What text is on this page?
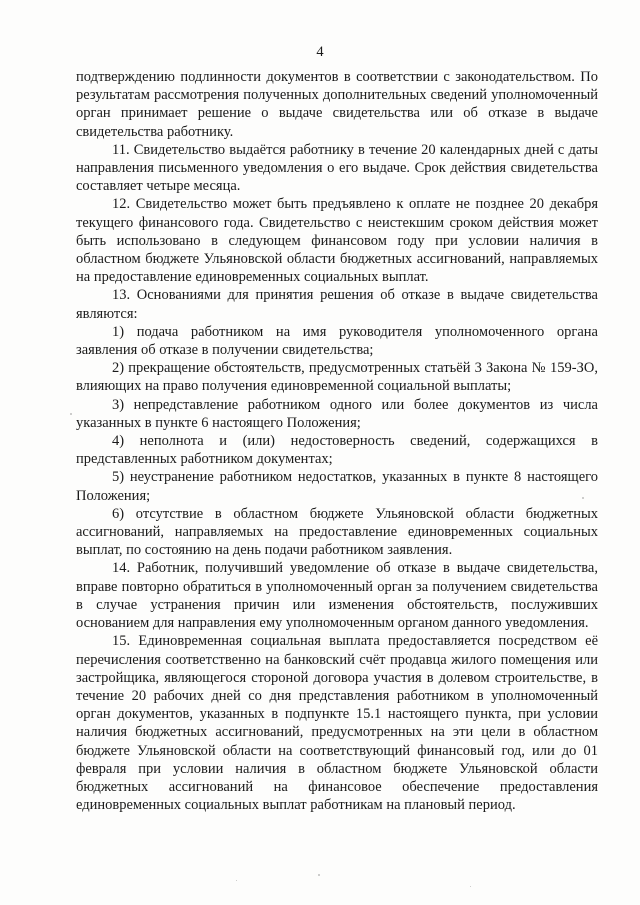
4

подтверждению подлинности документов в соответствии с законодательством. По результатам рассмотрения полученных дополнительных сведений уполномоченный орган принимает решение о выдаче свидетельства или об отказе в выдаче свидетельства работнику.

11. Свидетельство выдаётся работнику в течение 20 календарных дней с даты направления письменного уведомления о его выдаче. Срок действия свидетельства составляет четыре месяца.

12. Свидетельство может быть предъявлено к оплате не позднее 20 декабря текущего финансового года. Свидетельство с неистекшим сроком действия может быть использовано в следующем финансовом году при условии наличия в областном бюджете Ульяновской области бюджетных ассигнований, направляемых на предоставление единовременных социальных выплат.

13. Основаниями для принятия решения об отказе в выдаче свидетельства являются:

1) подача работником на имя руководителя уполномоченного органа заявления об отказе в получении свидетельства;

2) прекращение обстоятельств, предусмотренных статьёй 3 Закона № 159-ЗО, влияющих на право получения единовременной социальной выплаты;

3) непредставление работником одного или более документов из числа указанных в пункте 6 настоящего Положения;

4) неполнота и (или) недостоверность сведений, содержащихся в представленных работником документах;

5) неустранение работником недостатков, указанных в пункте 8 настоящего Положения;

6) отсутствие в областном бюджете Ульяновской области бюджетных ассигнований, направляемых на предоставление единовременных социальных выплат, по состоянию на день подачи работником заявления.

14. Работник, получивший уведомление об отказе в выдаче свидетельства, вправе повторно обратиться в уполномоченный орган за получением свидетельства в случае устранения причин или изменения обстоятельств, послуживших основанием для направления ему уполномоченным органом данного уведомления.

15. Единовременная социальная выплата предоставляется посредством её перечисления соответственно на банковский счёт продавца жилого помещения или застройщика, являющегося стороной договора участия в долевом строительстве, в течение 20 рабочих дней со дня представления работником в уполномоченный орган документов, указанных в подпункте 15.1 настоящего пункта, при условии наличия бюджетных ассигнований, предусмотренных на эти цели в областном бюджете Ульяновской области на соответствующий финансовый год, или до 01 февраля при условии наличия в областном бюджете Ульяновской области бюджетных ассигнований на финансовое обеспечение предоставления единовременных социальных выплат работникам на плановый период.
